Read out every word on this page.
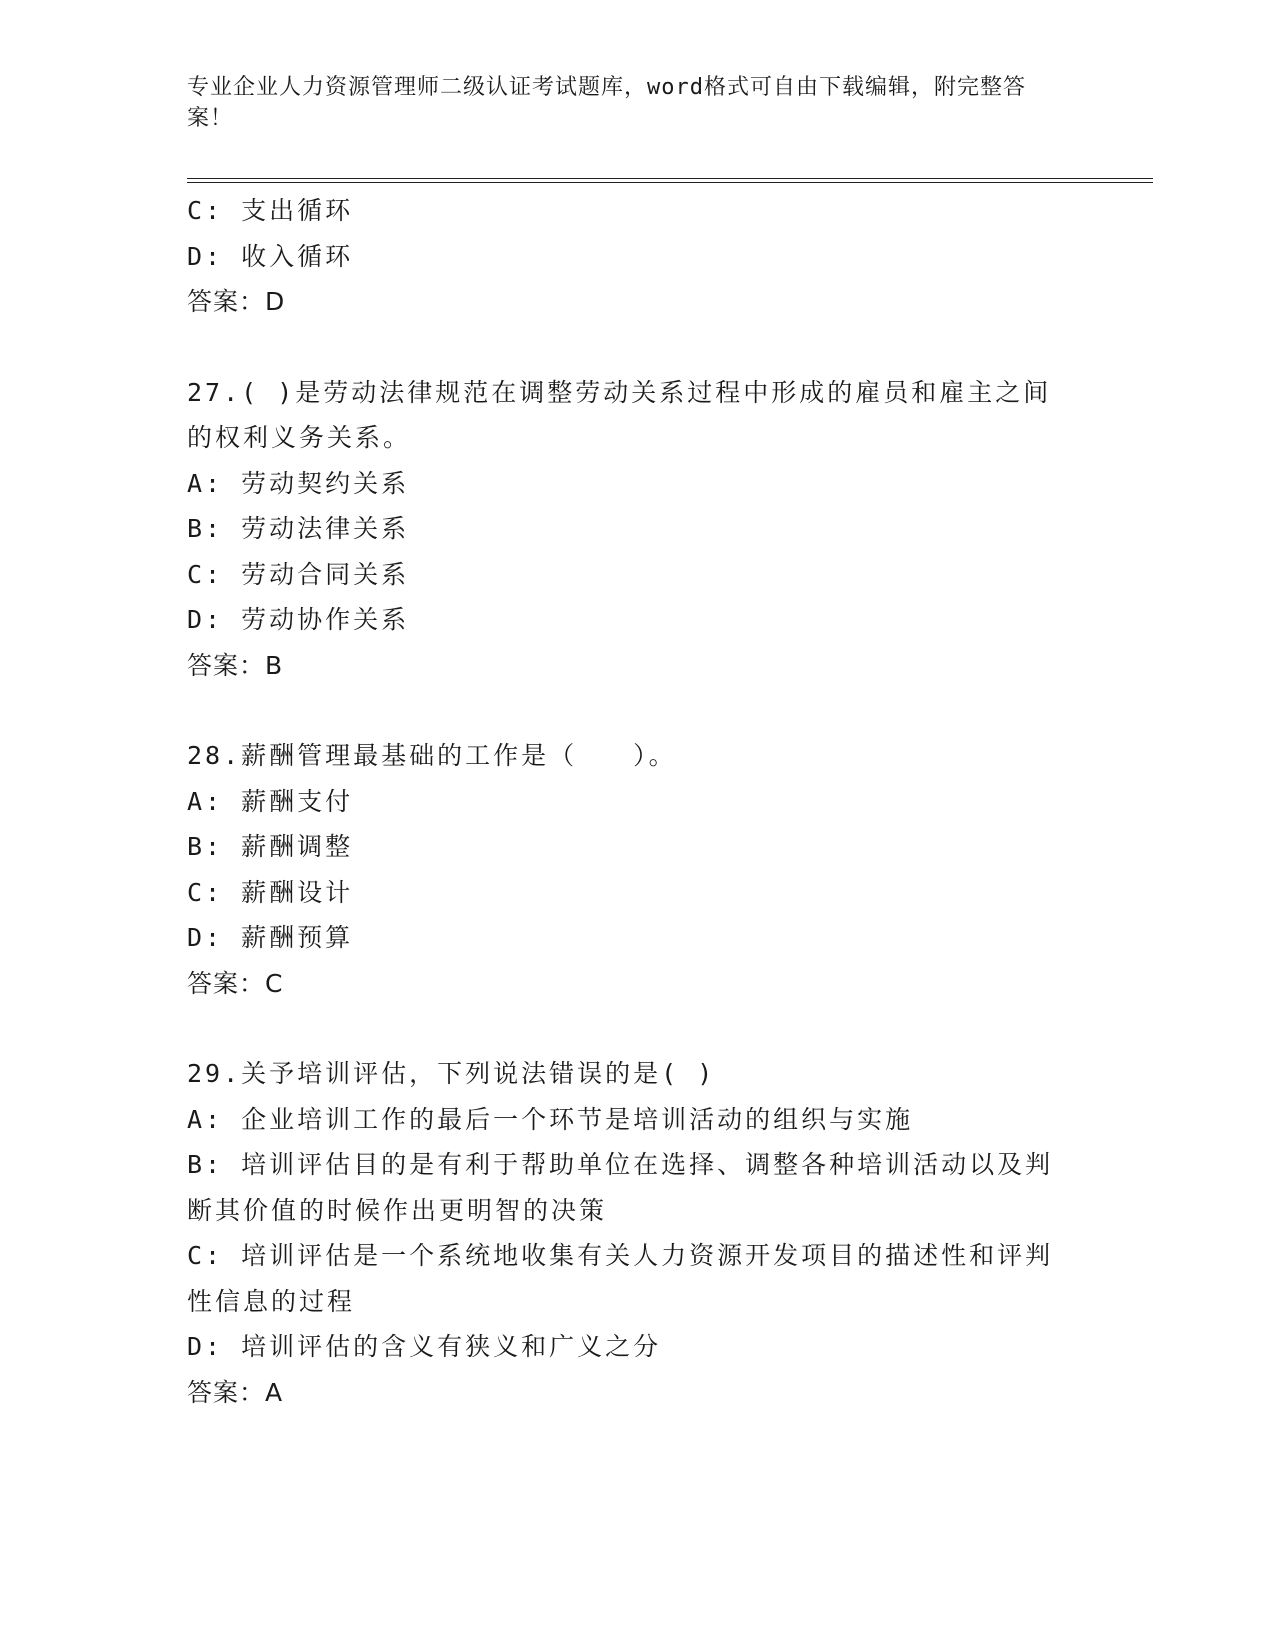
专业企业人力资源管理师二级认证考试题库，word格式可自由下载编辑，附完整答案！
C: 支出循环
D: 收入循环
答案：D
27.( )是劳动法律规范在调整劳动关系过程中形成的雇员和雇主之间
的权利义务关系。
A: 劳动契约关系
B: 劳动法律关系
C: 劳动合同关系
D: 劳动协作关系
答案：B
28.薪酬管理最基础的工作是（　　）。
A: 薪酬支付
B: 薪酬调整
C: 薪酬设计
D: 薪酬预算
答案：C
29.关予培训评估，下列说法错误的是( )
A: 企业培训工作的最后一个环节是培训活动的组织与实施
B: 培训评估目的是有利于帮助单位在选择、调整各种培训活动以及判
断其价值的时候作出更明智的决策
C: 培训评估是一个系统地收集有关人力资源开发项目的描述性和评判
性信息的过程
D: 培训评估的含义有狭义和广义之分
答案：A
